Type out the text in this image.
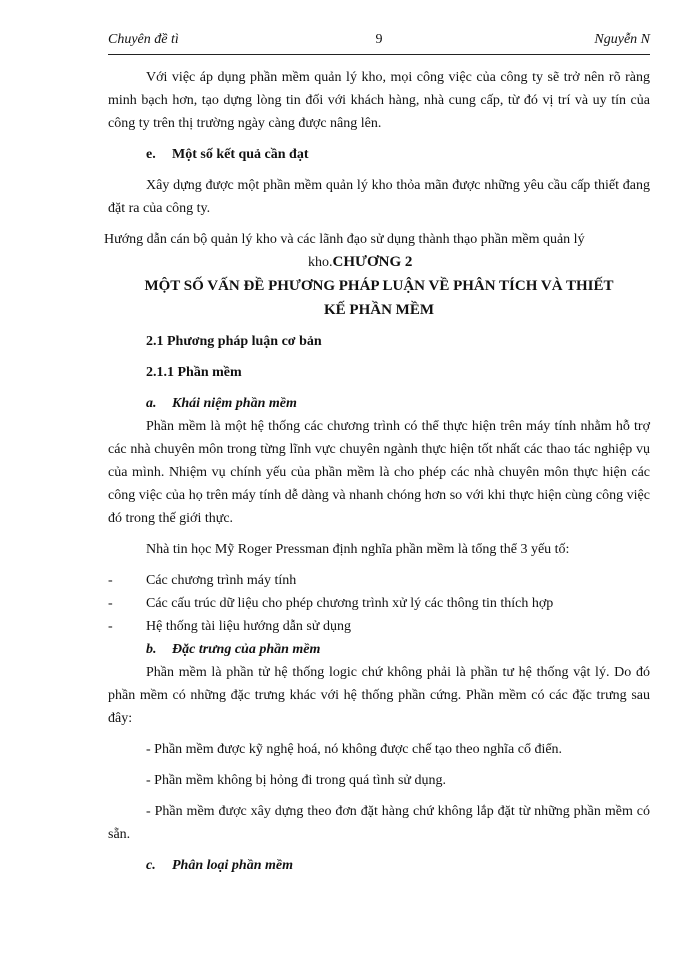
Chuyên đề tì	9	Nguyễn N

Với việc áp dụng phần mềm quản lý kho, mọi công việc của công ty sẽ trở nên rõ ràng minh bạch hơn, tạo dựng lòng tin đối với khách hàng, nhà cung cấp, từ đó vị trí và uy tín của công ty trên thị trường ngày càng được nâng lên.

e. Một số kết quả cần đạt

Xây dựng được một phần mềm quản lý kho thỏa mãn được những yêu cầu cấp thiết đang đặt ra của công ty.

Hướng dẫn cán bộ quản lý kho và các lãnh đạo sử dụng thành thạo phần mềm quản lý

kho.CHƯƠNG 2

MỘT SỐ VẤN ĐỀ PHƯƠNG PHÁP LUẬN VỀ PHÂN TÍCH VÀ THIẾT

KẾ PHẦN MỀM

2.1 Phương pháp luận cơ bản

2.1.1 Phần mềm

a. Khái niệm phần mềm

Phần mềm là một hệ thống các chương trình có thể thực hiện trên máy tính nhằm hỗ trợ các nhà chuyên môn trong từng lĩnh vực chuyên ngành thực hiện tốt nhất các thao tác nghiệp vụ của mình. Nhiệm vụ chính yếu của phần mềm là cho phép các nhà chuyên môn thực hiện các công việc của họ trên máy tính dễ dàng và nhanh chóng hơn so với khi thực hiện cùng công việc đó trong thế giới thực.

Nhà tin học Mỹ Roger Pressman định nghĩa phần mềm là tổng thể 3 yếu tố:

- Các chương trình máy tính

- Các cấu trúc dữ liệu cho phép chương trình xử lý các thông tin thích hợp

- Hệ thống tài liệu hướng dẫn sử dụng

b. Đặc trưng của phần mềm

Phần mềm là phần tử hệ thống logic chứ không phải là phần tư hệ thống vật lý. Do đó phần mềm có những đặc trưng khác với hệ thống phần cứng. Phần mềm có các đặc trưng sau đây:

- Phần mềm được kỹ nghệ hoá, nó không được chế tạo theo nghĩa cổ điển.

- Phần mềm không bị hỏng đi trong quá tình sử dụng.

- Phần mềm được xây dựng theo đơn đặt hàng chứ không lắp đặt từ những phần mềm có sẵn.

c. Phân loại phần mềm
